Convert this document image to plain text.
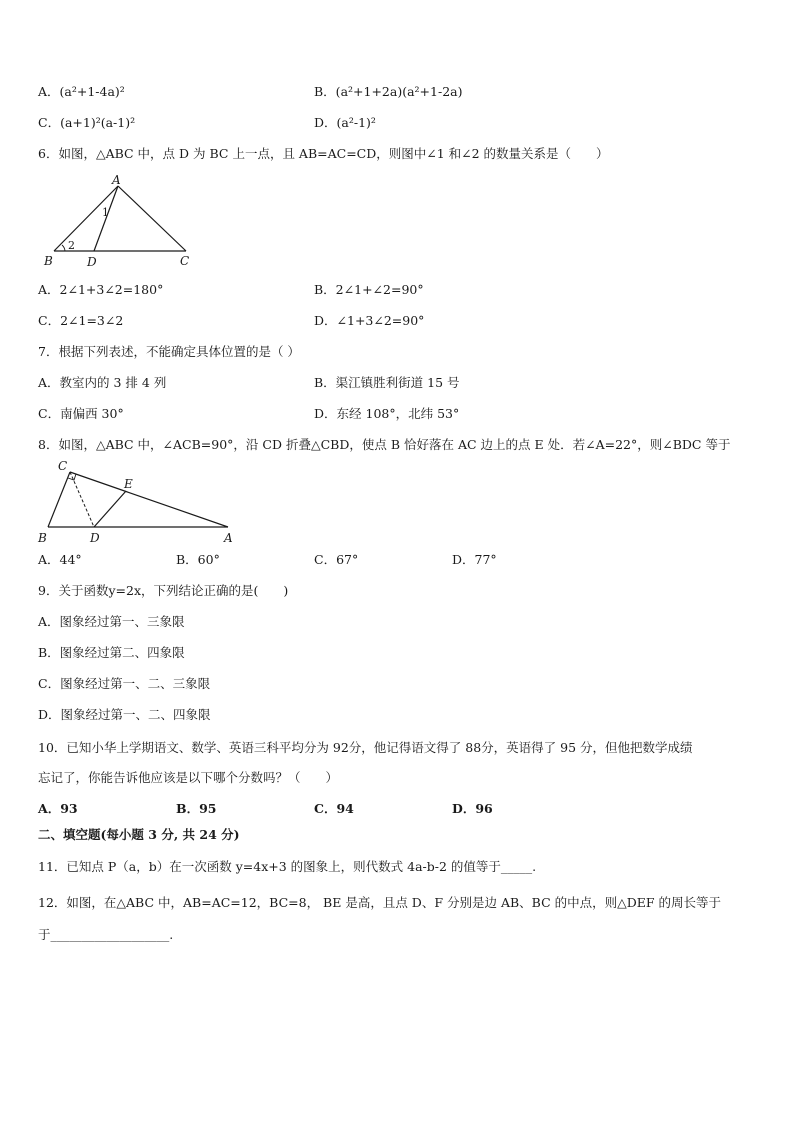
A．(a²+1-4a)²	B．(a²+1+2a)(a²+1-2a)
C．(a+1)²(a-1)²	D．(a²-1)²
6．如图，△ABC 中，点 D 为 BC 上一点，且 AB=AC=CD，则图中∠1 和∠2 的数量关系是（　　）
A
B	C
D
1
2
A．2∠1+3∠2=180°	B．2∠1+∠2=90°
C．2∠1=3∠2	D．∠1+3∠2=90°
7．根据下列表述，不能确定具体位置的是（ ）
A．教室内的 3 排 4 列	B．渠江镇胜利街道 15 号
C．南偏西 30°	D．东经 108°，北纬 53°
8．如图，△ABC 中，∠ACB=90°，沿 CD 折叠△CBD，使点 B 恰好落在 AC 边上的点 E 处．若∠A=22°，则∠BDC 等于
C
B	D
E
A
A．44°	B．60°	C．67°	D．77°
9．关于函数y=2x，下列结论正确的是(　　)
A．图象经过第一、三象限
B．图象经过第二、四象限
C．图象经过第一、二、三象限
D．图象经过第一、二、四象限
10．已知小华上学期语文、数学、英语三科平均分为 92分，他记得语文得了 88分，英语得了 95 分，但他把数学成绩
忘记了，你能告诉他应该是以下哪个分数吗？（　　）
A．93	B．95	C．94	D．96
二、填空题(每小题 3 分, 共 24 分)
11．已知点 P（a，b）在一次函数 y=4x+3 的图象上，则代数式 4a-b-2 的值等于_____.
12．如图，在△ABC 中，AB=AC=12，BC=8， BE 是高，且点 D、F 分别是边 AB、BC 的中点，则△DEF 的周长等于
于___________________.
